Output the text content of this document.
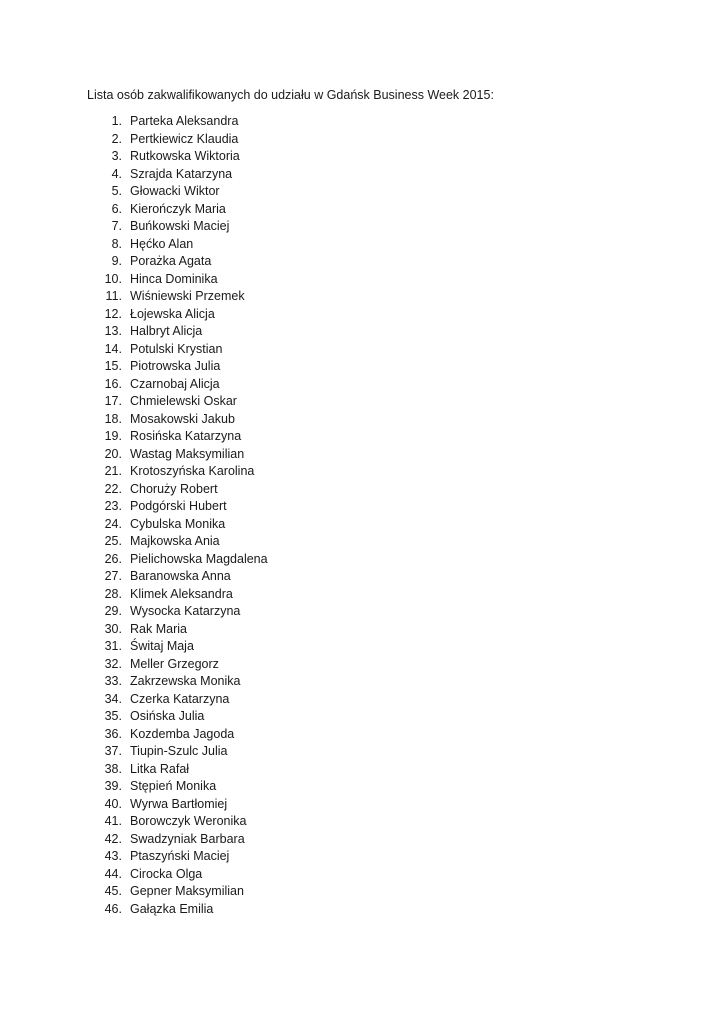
Lista osób zakwalifikowanych do udziału w Gdańsk Business Week 2015:
1. Parteka Aleksandra
2. Pertkiewicz Klaudia
3. Rutkowska Wiktoria
4. Szrajda Katarzyna
5. Głowacki Wiktor
6. Kierończyk Maria
7. Buńkowski Maciej
8. Hęćko Alan
9. Porażka Agata
10. Hinca Dominika
11. Wiśniewski Przemek
12. Łojewska Alicja
13. Halbryt Alicja
14. Potulski Krystian
15. Piotrowska Julia
16. Czarnobaj Alicja
17. Chmielewski Oskar
18. Mosakowski Jakub
19. Rosińska Katarzyna
20. Wastag Maksymilian
21. Krotoszyńska Karolina
22. Choruży Robert
23. Podgórski Hubert
24. Cybulska Monika
25. Majkowska Ania
26. Pielichowska Magdalena
27. Baranowska Anna
28. Klimek Aleksandra
29. Wysocka Katarzyna
30. Rak Maria
31. Świtaj Maja
32. Meller Grzegorz
33. Zakrzewska Monika
34. Czerka Katarzyna
35. Osińska Julia
36. Kozdemba Jagoda
37. Tiupin-Szulc Julia
38. Litka Rafał
39. Stępień Monika
40. Wyrwa Bartłomiej
41. Borowczyk Weronika
42. Swadzyniak Barbara
43. Ptaszyński Maciej
44. Cirocka Olga
45. Gepner Maksymilian
46. Gałązka Emilia
